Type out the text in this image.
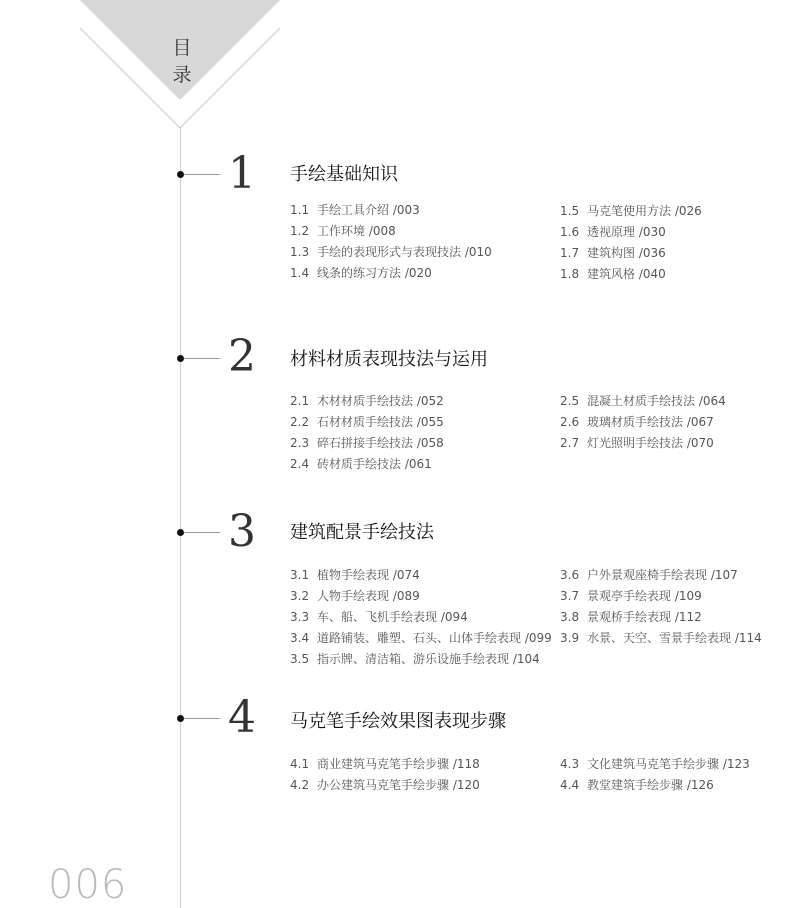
目 录
1	手绘基础知识
1.1 手绘工具介绍 /003
1.2 工作环境 /008
1.3 手绘的表现形式与表现技法 /010
1.4 线条的练习方法 /020
1.5 马克笔使用方法 /026
1.6 透视原理 /030
1.7 建筑构图 /036
1.8 建筑风格 /040
2	材料材质表现技法与运用
2.1 木材材质手绘技法 /052
2.2 石材材质手绘技法 /055
2.3 碎石拼接手绘技法 /058
2.4 砖材质手绘技法 /061
2.5 混凝土材质手绘技法 /064
2.6 玻璃材质手绘技法 /067
2.7 灯光照明手绘技法 /070
3	建筑配景手绘技法
3.1 植物手绘表现 /074
3.2 人物手绘表现 /089
3.3 车、船、飞机手绘表现 /094
3.4 道路铺装、雕塑、石头、山体手绘表现 /099
3.5 指示牌、清洁箱、游乐设施手绘表现 /104
3.6 户外景观座椅手绘表现 /107
3.7 景观亭手绘表现 /109
3.8 景观桥手绘表现 /112
3.9 水景、天空、雪景手绘表现 /114
4	马克笔手绘效果图表现步骤
4.1 商业建筑马克笔手绘步骤 /118
4.2 办公建筑马克笔手绘步骤 /120
4.3 文化建筑马克笔手绘步骤 /123
4.4 教堂建筑手绘步骤 /126
006
